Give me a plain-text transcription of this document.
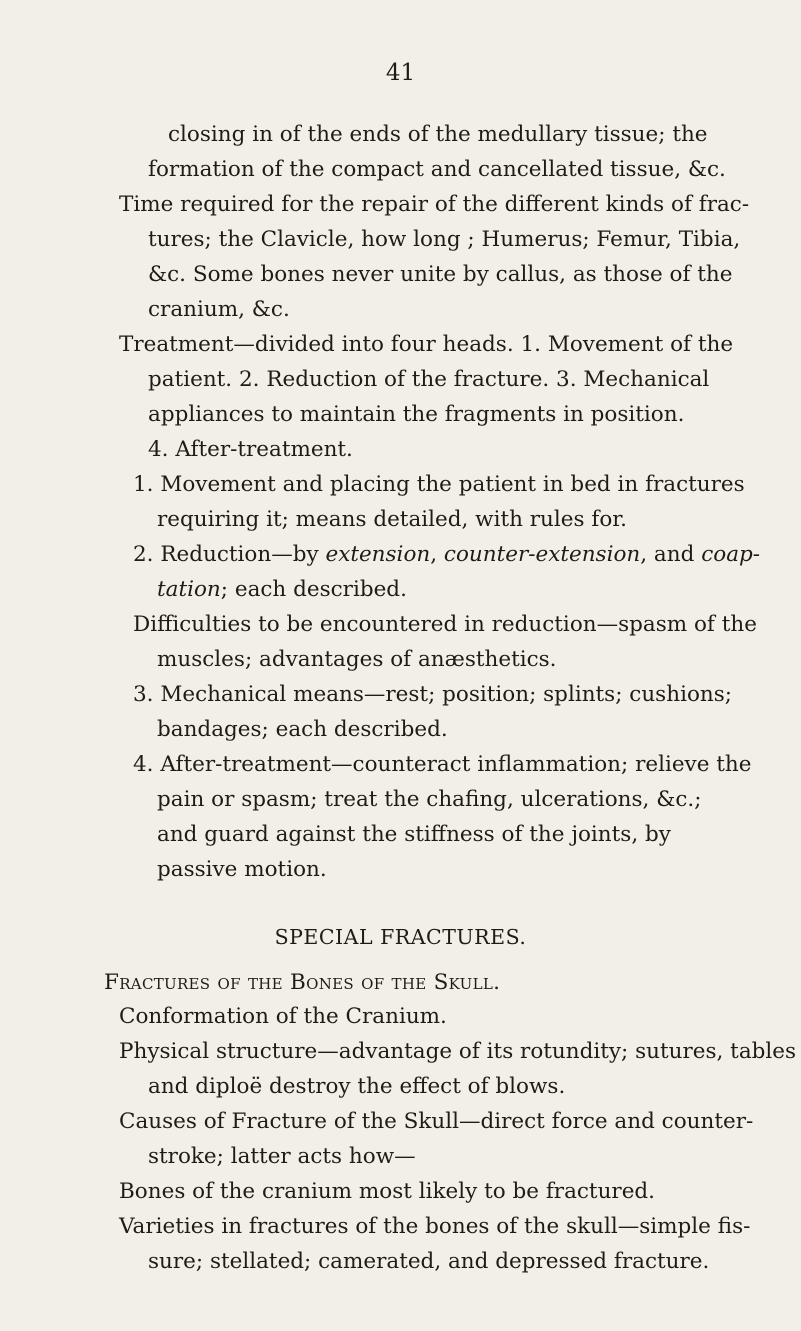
41
closing in of the ends of the medullary tissue; the
formation of the compact and cancellated tissue, &c.
Time required for the repair of the different kinds of frac-
tures; the Clavicle, how long ; Humerus; Femur, Tibia,
&c. Some bones never unite by callus, as those of the
cranium, &c.
Treatment—divided into four heads. 1. Movement of the
patient. 2. Reduction of the fracture. 3. Mechanical
appliances to maintain the fragments in position.
4. After-treatment.
1. Movement and placing the patient in bed in fractures
requiring it; means detailed, with rules for.
2. Reduction—by extension, counter-extension, and coap-
tation; each described.
Difficulties to be encountered in reduction—spasm of the
muscles; advantages of anæsthetics.
3. Mechanical means—rest; position; splints; cushions;
bandages; each described.
4. After-treatment—counteract inflammation; relieve the
pain or spasm; treat the chafing, ulcerations, &c.;
and guard against the stiffness of the joints, by
passive motion.
SPECIAL FRACTURES.
Fractures of the Bones of the Skull.
Conformation of the Cranium.
Physical structure—advantage of its rotundity; sutures, tables
and diploë destroy the effect of blows.
Causes of Fracture of the Skull—direct force and counter-
stroke; latter acts how—
Bones of the cranium most likely to be fractured.
Varieties in fractures of the bones of the skull—simple fis-
sure; stellated; camerated, and depressed fracture.
